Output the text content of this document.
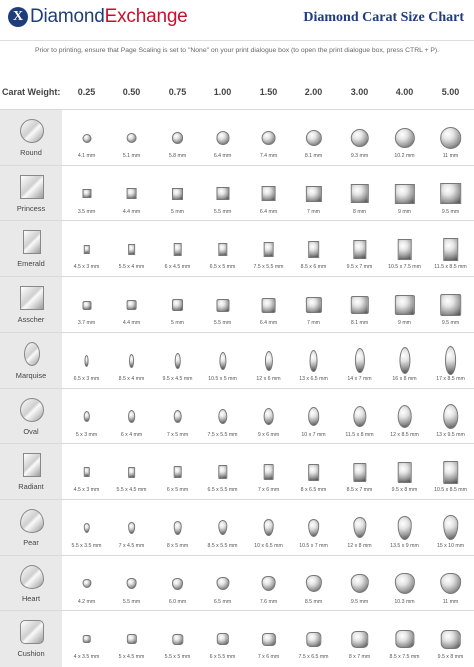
X DiamondExchange	Diamond Carat Size Chart
Prior to printing, ensure that Page Scaling is set to "None" on your print dialogue box (to open the print dialogue box, press CTRL + P).
Carat Weight:	0.25	0.50	0.75	1.00	1.50	2.00	3.00	4.00	5.00
Round	4.1 mm	5.1 mm	5.8 mm	6.4 mm	7.4 mm	8.1 mm	9.3 mm	10.2 mm	11 mm
Princess	3.5 mm	4.4 mm	5 mm	5.5 mm	6.4 mm	7 mm	8 mm	9 mm	9.5 mm
Emerald	4.5 x 3 mm	5.5 x 4 mm	6 x 4.5 mm	6.5 x 5 mm	7.5 x 5.5 mm	8.5 x 6 mm	9.5 x 7 mm	10.5 x 7.5 mm	11.5 x 8.5 mm
Asscher	3.7 mm	4.4 mm	5 mm	5.5 mm	6.4 mm	7 mm	8.1 mm	9 mm	9.5 mm
Marquise	6.5 x 3 mm	8.5 x 4 mm	9.5 x 4.5 mm	10.5 x 5 mm	12 x 6 mm	13 x 6.5 mm	14 x 7 mm	16 x 8 mm	17 x 8.5 mm
Oval	5 x 3 mm	6 x 4 mm	7 x 5 mm	7.5 x 5.5 mm	9 x 6 mm	10 x 7 mm	11.5 x 8 mm	12 x 8.5 mm	13 x 9.5 mm
Radiant	4.5 x 3 mm	5.5 x 4.5 mm	6 x 5 mm	6.5 x 5.5 mm	7 x 6 mm	8 x 6.5 mm	8.5 x 7 mm	9.5 x 8 mm	10.5 x 8.5 mm
Pear	5.5 x 3.5 mm	7 x 4.5 mm	8 x 5 mm	8.5 x 5.5 mm	10 x 6.5 mm	10.5 x 7 mm	12 x 8 mm	13.5 x 9 mm	15 x 10 mm
Heart	4.2 mm	5.5 mm	6.0 mm	6.5 mm	7.6 mm	8.5 mm	9.5 mm	10.3 mm	11 mm
Cushion	4 x 3.5 mm	5 x 4.5 mm	5.5 x 5 mm	6 x 5.5 mm	7 x 6 mm	7.5 x 6.5 mm	8 x 7 mm	8.5 x 7.5 mm	9.5 x 8 mm
